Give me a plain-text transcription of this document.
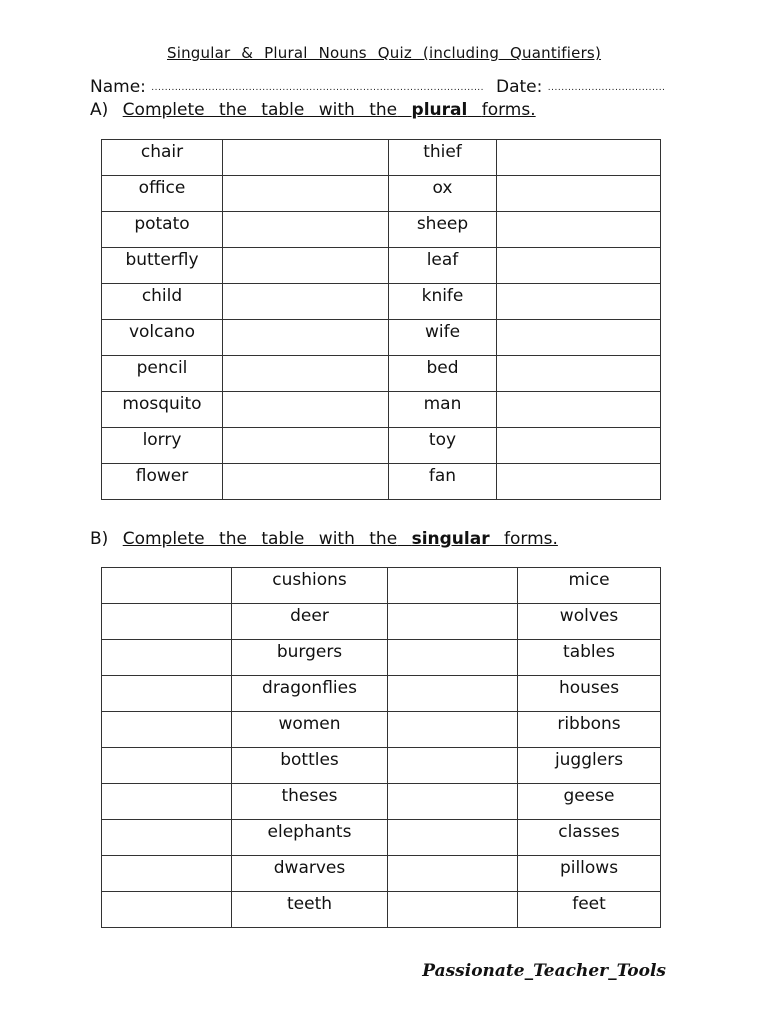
Singular & Plural Nouns Quiz (including Quantifiers)
Name: ................................................................................................... Date: ...................................
A) Complete the table with the plural forms.
chair		thief	
office		ox	
potato		sheep	
butterfly		leaf	
child		knife	
volcano		wife	
pencil		bed	
mosquito		man	
lorry		toy	
flower		fan	
B) Complete the table with the singular forms.
	cushions		mice
	deer		wolves
	burgers		tables
	dragonflies		houses
	women		ribbons
	bottles		jugglers
	theses		geese
	elephants		classes
	dwarves		pillows
	teeth		feet
Passionate_Teacher_Tools
